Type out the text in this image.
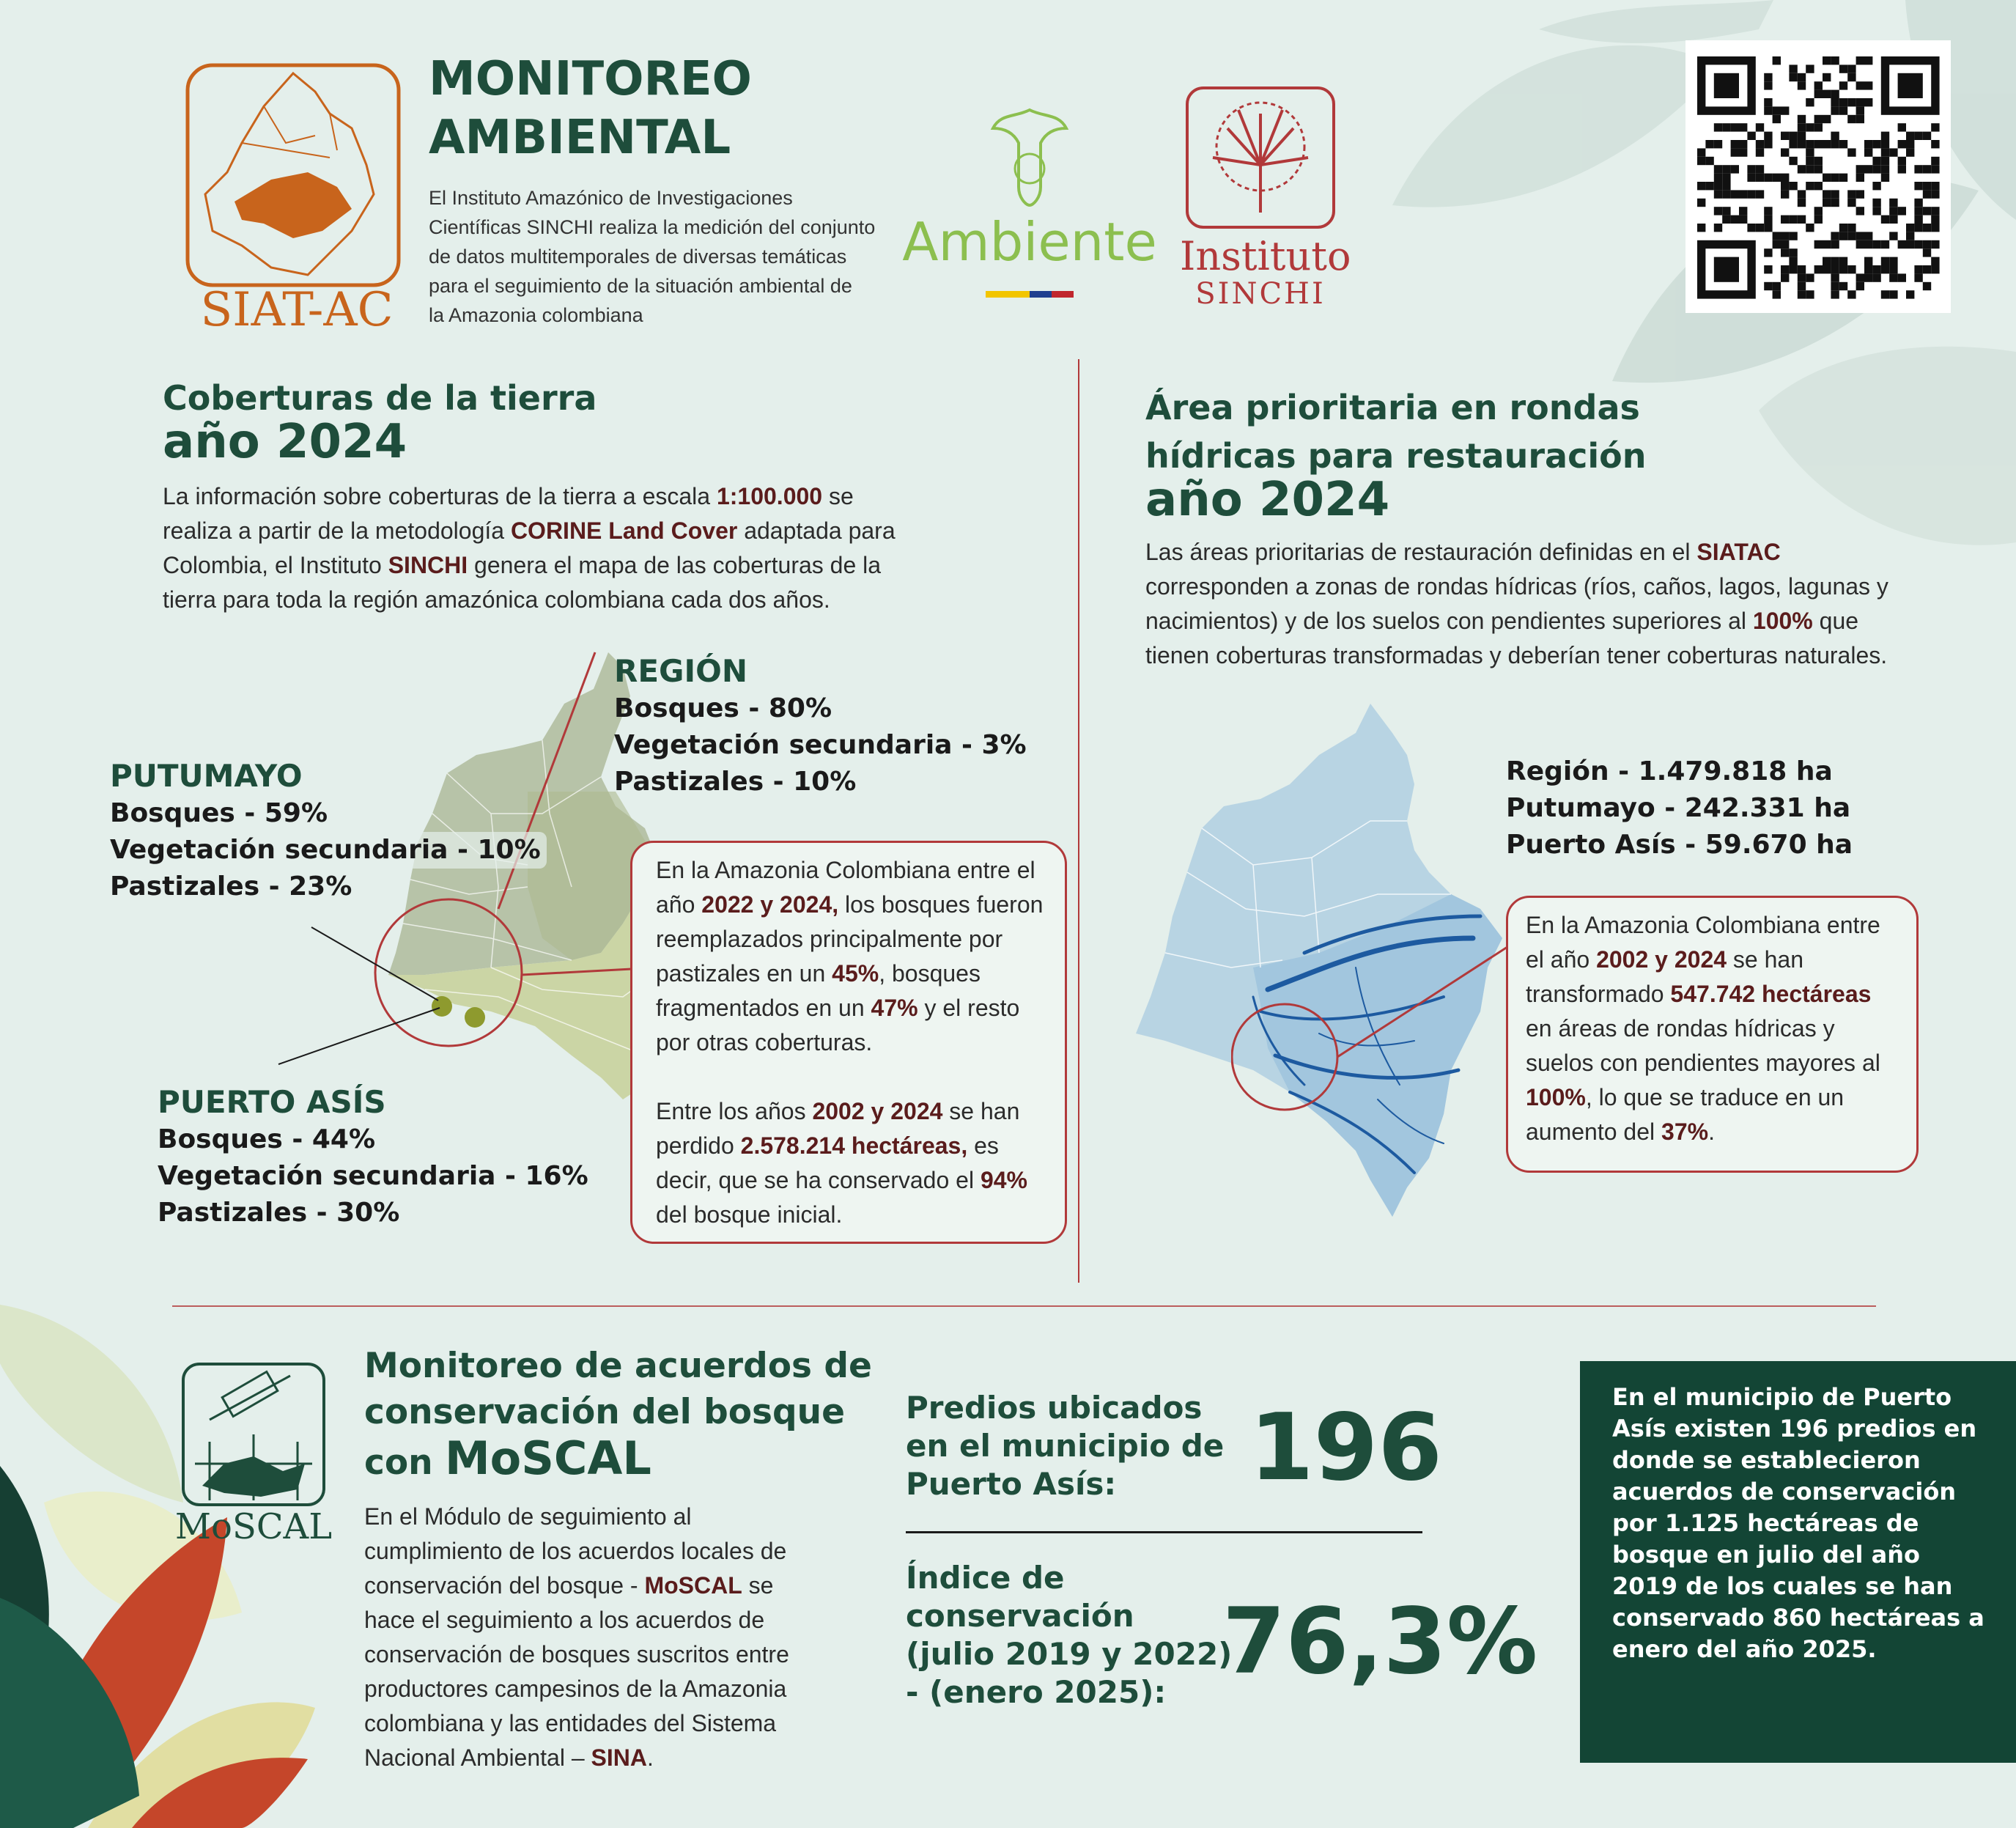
SIAT-AC
MONITOREO
AMBIENTAL
El Instituto Amazónico de Investigaciones
Científicas SINCHI realiza la medición del conjunto
de datos multitemporales de diversas temáticas
para el seguimiento de la situación ambiental de
la Amazonia colombiana
Ambiente Instituto
SINCHI
Coberturas de la tierra
año 2024
La información sobre coberturas de la tierra a escala 1:100.000 se realiza a partir de la metodología CORINE Land Cover adaptada para Colombia, el Instituto SINCHI genera el mapa de las coberturas de la tierra para toda la región amazónica colombiana cada dos años.
REGIÓN
Bosques - 80%
Vegetación secundaria - 3%
Pastizales - 10%
PUTUMAYO
Bosques - 59%
Vegetación secundaria - 10%
Pastizales - 23%
PUERTO ASÍS
Bosques - 44%
Vegetación secundaria - 16%
Pastizales - 30%

En la Amazonia Colombiana entre el año 2022 y 2024, los bosques fueron reemplazados principalmente por pastizales en un 45%, bosques fragmentados en un 47% y el resto por otras coberturas.

Entre los años 2002 y 2024 se han perdido 2.578.214 hectáreas, es decir, que se ha conservado el 94% del bosque inicial.

Área prioritaria en rondas
hídricas para restauración
año 2024
Las áreas prioritarias de restauración definidas en el SIATAC corresponden a zonas de rondas hídricas (ríos, caños, lagos, lagunas y nacimientos) y de los suelos con pendientes superiores al 100% que tienen coberturas transformadas y deberían tener coberturas naturales.
Región - 1.479.818 ha
Putumayo - 242.331 ha
Puerto Asís - 59.670 ha

En la Amazonia Colombiana entre el año 2002 y 2024 se han transformado 547.742 hectáreas en áreas de rondas hídricas y suelos con pendientes mayores al 100%, lo que se traduce en un aumento del 37%.

MoSCAL
Monitoreo de acuerdos de
conservación del bosque
con MoSCAL
En el Módulo de seguimiento al cumplimiento de los acuerdos locales de conservación del bosque - MoSCAL se hace el seguimiento a los acuerdos de conservación de bosques suscritos entre productores campesinos de la Amazonia colombiana y las entidades del Sistema Nacional Ambiental – SINA.
Predios ubicados
en el municipio de
Puerto Asís:	196
Índice de
conservación
(julio 2019 y 2022)
- (enero 2025): 76,3%
En el municipio de Puerto Asís existen 196 predios en donde se establecieron acuerdos de conservación por 1.125 hectáreas de bosque en julio del año 2019 de los cuales se han conservado 860 hectáreas a enero del año 2025.
